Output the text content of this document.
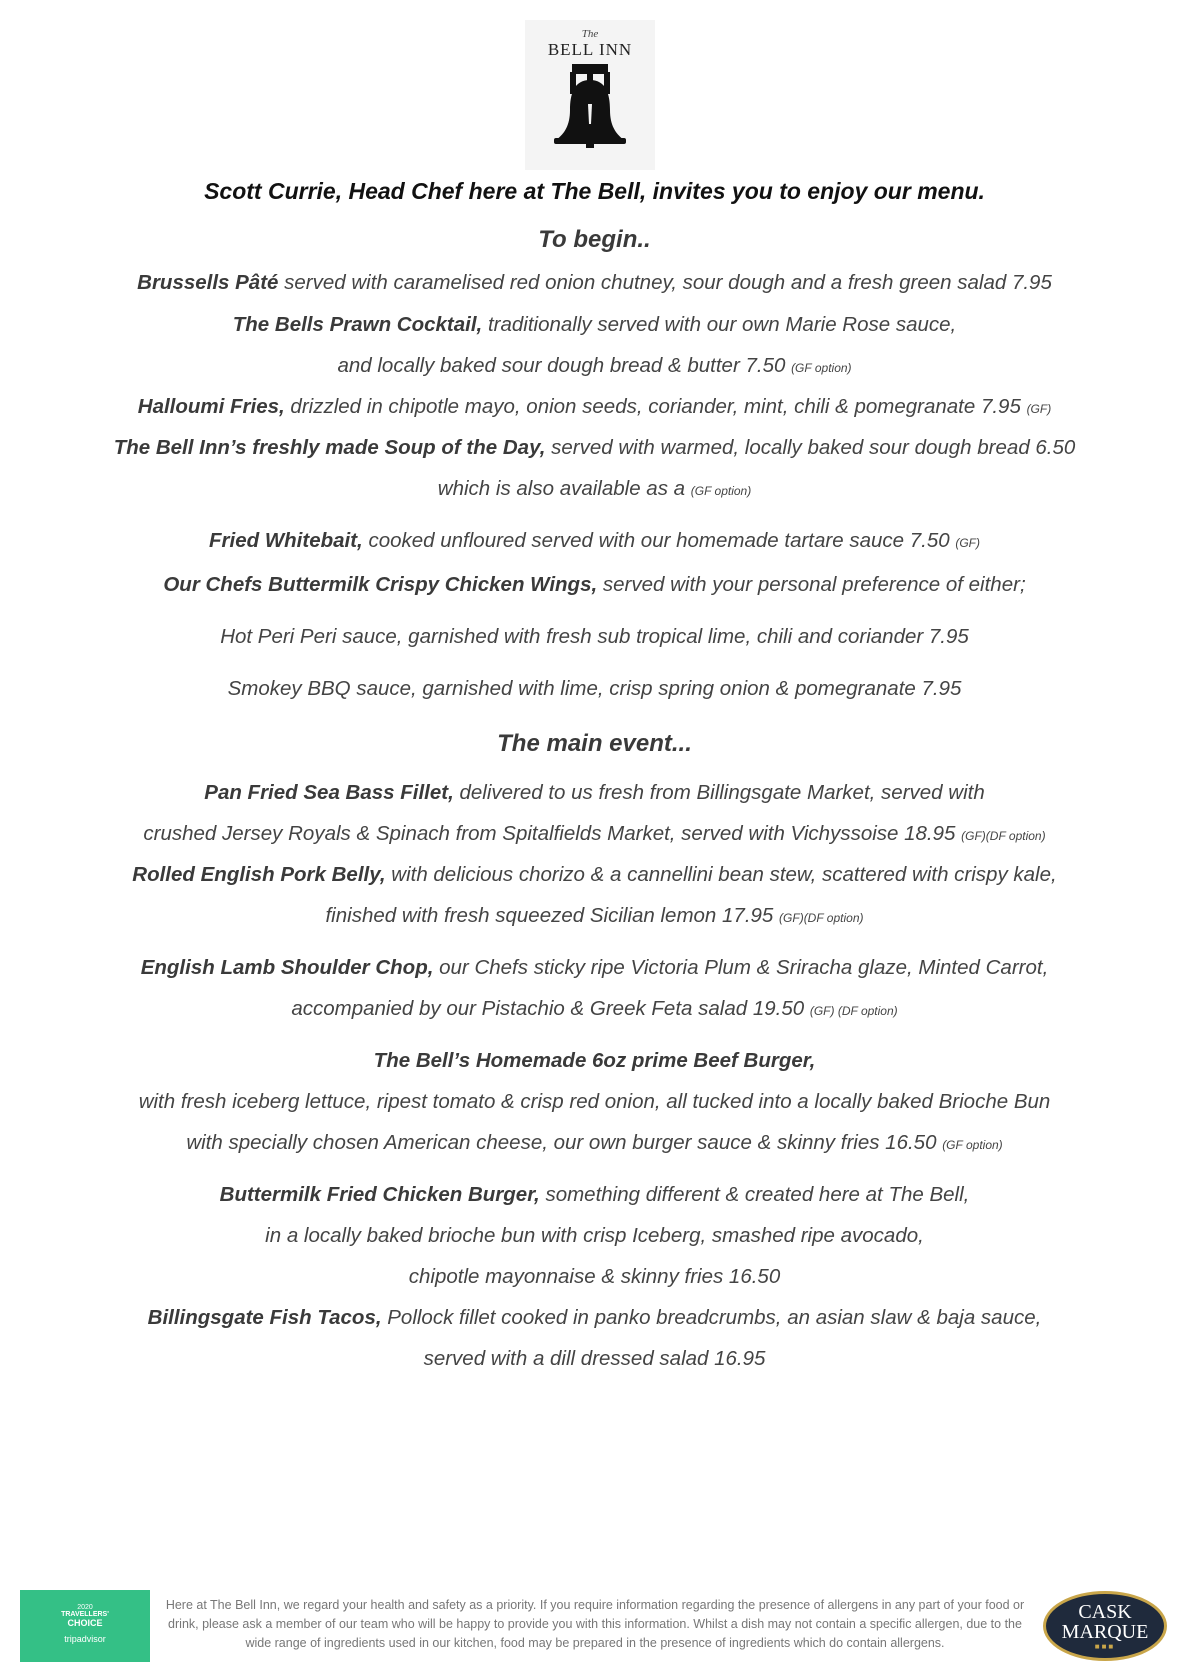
The
BELL INN
Scott Currie, Head Chef here at The Bell, invites you to enjoy our menu.
To begin..
Brussells Pâté served with caramelised red onion chutney, sour dough and a fresh green salad 7.95
The Bells Prawn Cocktail, traditionally served with our own Marie Rose sauce,
and locally baked sour dough bread & butter 7.50 (GF option)
Halloumi Fries, drizzled in chipotle mayo, onion seeds, coriander, mint, chili & pomegranate 7.95 (GF)
The Bell Inn’s freshly made Soup of the Day, served with warmed, locally baked sour dough bread 6.50
which is also available as a (GF option)
Fried Whitebait, cooked unfloured served with our homemade tartare sauce 7.50 (GF)
Our Chefs Buttermilk Crispy Chicken Wings, served with your personal preference of either;
Hot Peri Peri sauce, garnished with fresh sub tropical lime, chili and coriander 7.95
Smokey BBQ sauce, garnished with lime, crisp spring onion & pomegranate 7.95
The main event...
Pan Fried Sea Bass Fillet, delivered to us fresh from Billingsgate Market, served with
crushed Jersey Royals & Spinach from Spitalfields Market, served with Vichyssoise 18.95 (GF)(DF option)
Rolled English Pork Belly, with delicious chorizo & a cannellini bean stew, scattered with crispy kale,
finished with fresh squeezed Sicilian lemon 17.95 (GF)(DF option)
English Lamb Shoulder Chop, our Chefs sticky ripe Victoria Plum & Sriracha glaze, Minted Carrot,
accompanied by our Pistachio & Greek Feta salad 19.50 (GF) (DF option)
The Bell’s Homemade 6oz prime Beef Burger,
with fresh iceberg lettuce, ripest tomato & crisp red onion, all tucked into a locally baked Brioche Bun
with specially chosen American cheese, our own burger sauce & skinny fries 16.50 (GF option)
Buttermilk Fried Chicken Burger, something different & created here at The Bell,
in a locally baked brioche bun with crisp Iceberg, smashed ripe avocado,
chipotle mayonnaise & skinny fries 16.50
Billingsgate Fish Tacos, Pollock fillet cooked in panko breadcrumbs, an asian slaw & baja sauce,
served with a dill dressed salad 16.95
2020
TRAVELLERS'
CHOICE
tripadvisor
Here at The Bell Inn, we regard your health and safety as a priority. If you require information regarding the presence of allergens in any part of your food or drink, please ask a member of our team who will be happy to provide you with this information. Whilst a dish may not contain a specific allergen, due to the wide range of ingredients used in our kitchen, food may be prepared in the presence of ingredients which do contain allergens.
CASK
MARQUE
■■■
